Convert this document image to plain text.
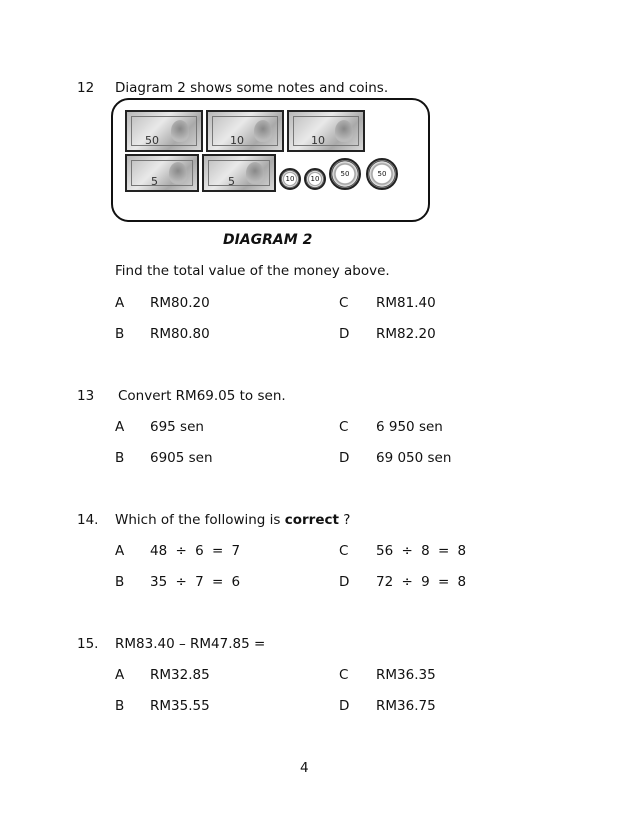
12 Diagram 2 shows some notes and coins.
50	10	10
5	5	10	10
50	50
DIAGRAM 2
Find the total value of the money above.
A RM80.20	C RM81.40
B RM80.80	D RM82.20
13 Convert RM69.05 to sen.
A 695 sen	C 6 950 sen
B 6905 sen	D 69 050 sen
14. Which of the following is correct ?
A 48 ÷ 6 = 7	C 56 ÷ 8 = 8
B 35 ÷ 7 = 6	D 72 ÷ 9 = 8
15. RM83.40 – RM47.85 =
A RM32.85	C RM36.35
B RM35.55	D RM36.75
4
